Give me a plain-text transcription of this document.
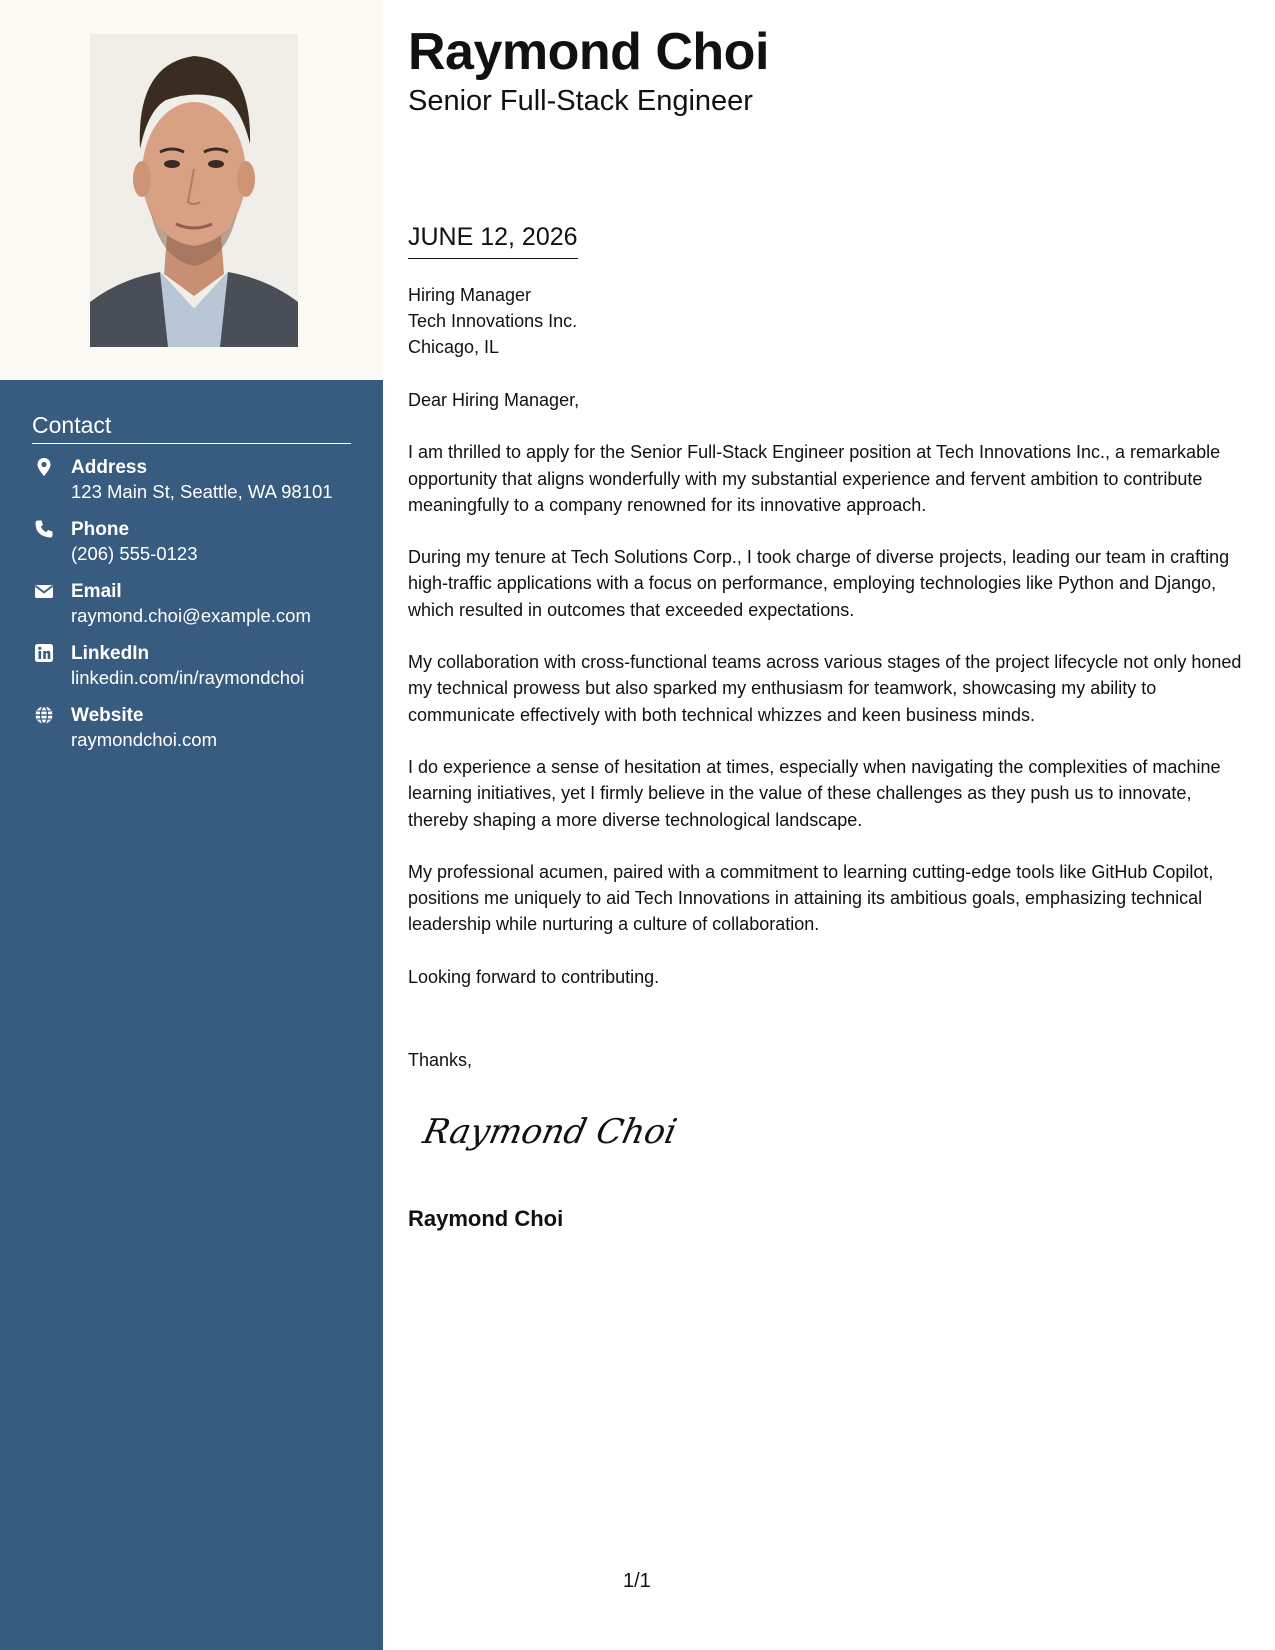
Contact
Address
123 Main St, Seattle, WA 98101
Phone
(206) 555-0123
Email
raymond.choi@example.com
LinkedIn
linkedin.com/in/raymondchoi
Website
raymondchoi.com
Raymond Choi
Senior Full-Stack Engineer
JUNE 12, 2026
Hiring Manager
Tech Innovations Inc.
Chicago, IL

Dear Hiring Manager,

I am thrilled to apply for the Senior Full-Stack Engineer position at Tech Innovations Inc., a remarkable opportunity that aligns wonderfully with my substantial experience and fervent ambition to contribute meaningfully to a company renowned for its innovative approach.

During my tenure at Tech Solutions Corp., I took charge of diverse projects, leading our team in crafting high-traffic applications with a focus on performance, employing technologies like Python and Django, which resulted in outcomes that exceeded expectations.

My collaboration with cross-functional teams across various stages of the project lifecycle not only honed my technical prowess but also sparked my enthusiasm for teamwork, showcasing my ability to communicate effectively with both technical whizzes and keen business minds.

I do experience a sense of hesitation at times, especially when navigating the complexities of machine learning initiatives, yet I firmly believe in the value of these challenges as they push us to innovate, thereby shaping a more diverse technological landscape.

My professional acumen, paired with a commitment to learning cutting-edge tools like GitHub Copilot, positions me uniquely to aid Tech Innovations in attaining its ambitious goals, emphasizing technical leadership while nurturing a culture of collaboration.

Looking forward to contributing.

Thanks,
Raymond Choi
Raymond Choi
1/1
